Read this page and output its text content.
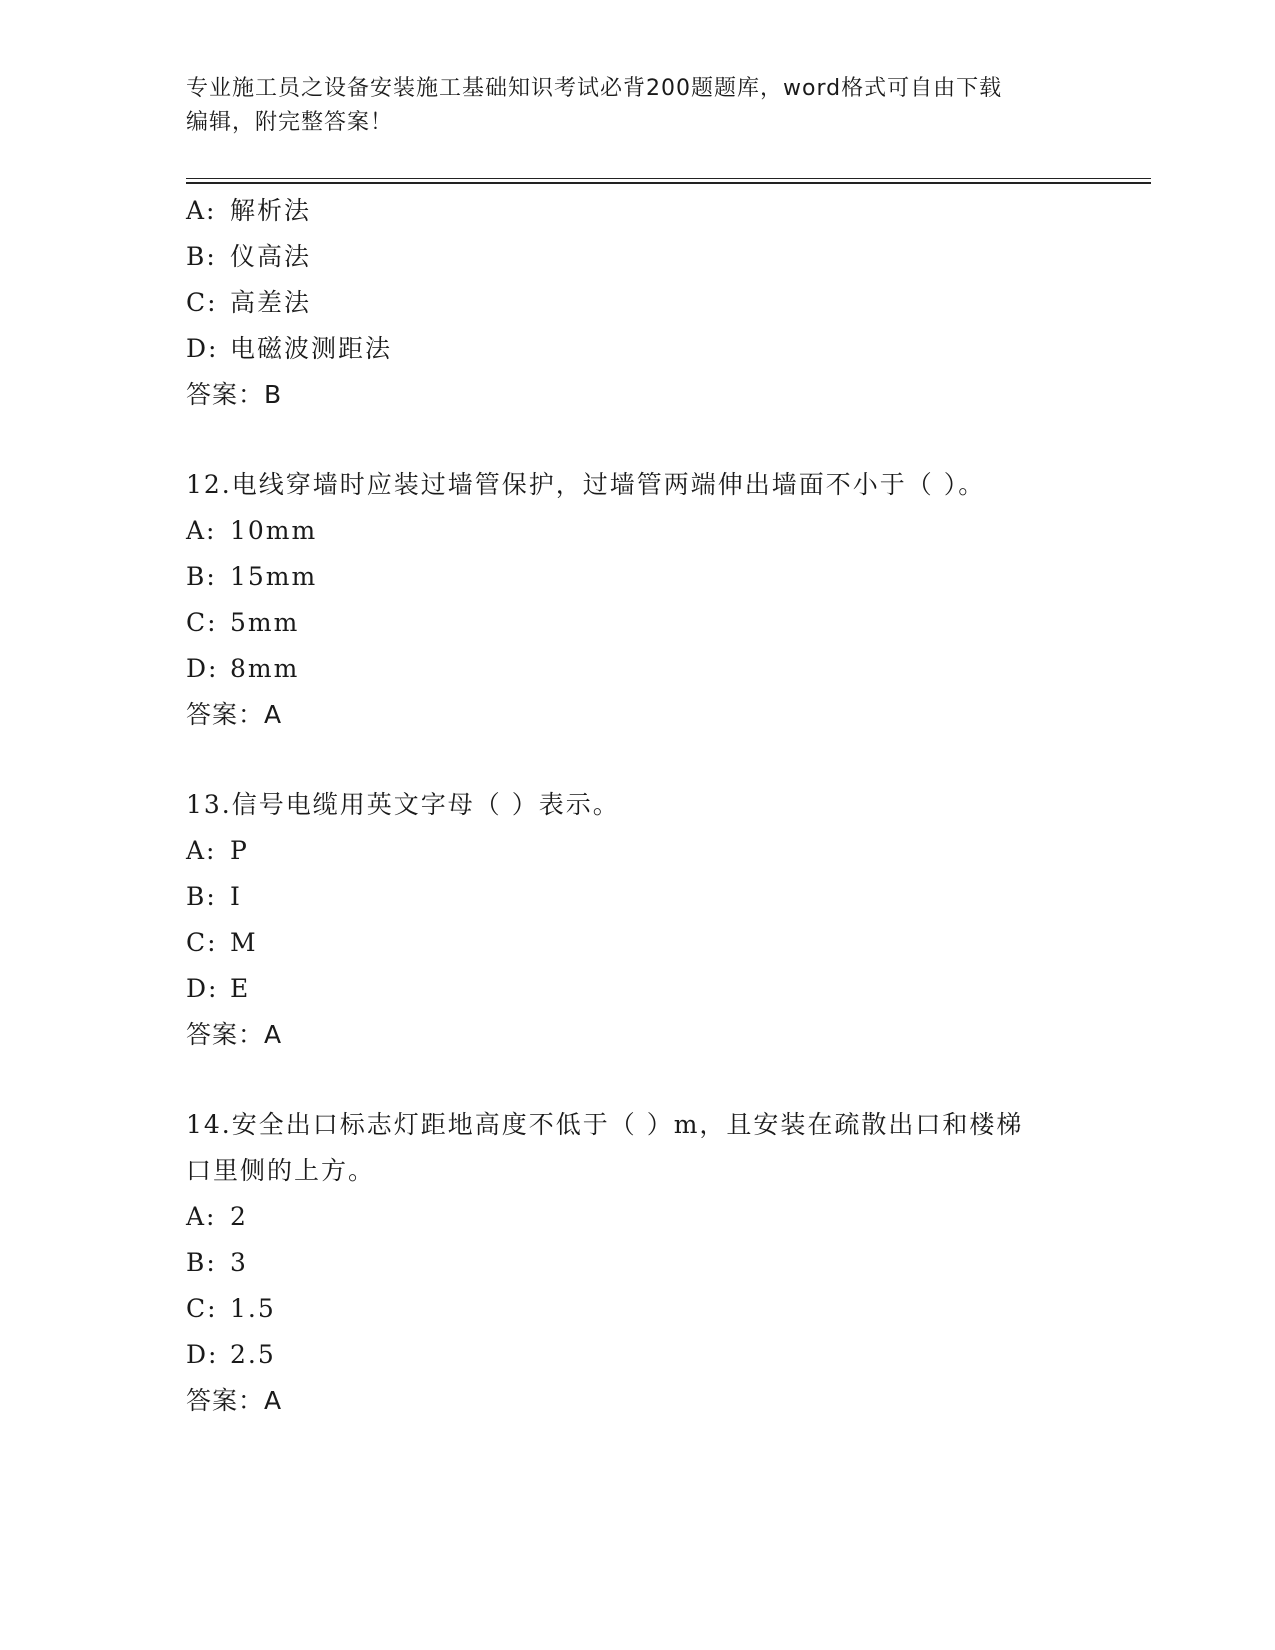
专业施工员之设备安装施工基础知识考试必背200题题库，word格式可自由下载
编辑，附完整答案！
A: 解析法
B: 仪高法
C: 高差法
D: 电磁波测距法
答案：B
12.电线穿墙时应装过墙管保护，过墙管两端伸出墙面不小于（ ）。
A: 10mm
B: 15mm
C: 5mm
D: 8mm
答案：A
13.信号电缆用英文字母（ ）表示。
A: P
B: I
C: M
D: E
答案：A
14.安全出口标志灯距地高度不低于（ ）m，且安装在疏散出口和楼梯
口里侧的上方。
A: 2
B: 3
C: 1.5
D: 2.5
答案：A
